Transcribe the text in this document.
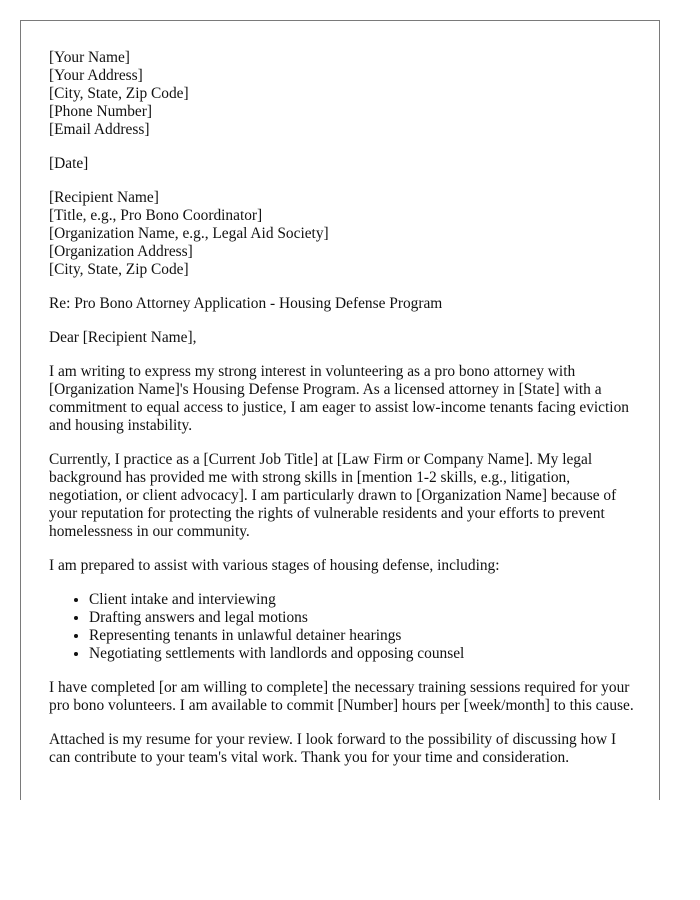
[Your Name]
[Your Address]
[City, State, Zip Code]
[Phone Number]
[Email Address]
[Date]
[Recipient Name]
[Title, e.g., Pro Bono Coordinator]
[Organization Name, e.g., Legal Aid Society]
[Organization Address]
[City, State, Zip Code]

Re: Pro Bono Attorney Application - Housing Defense Program

Dear [Recipient Name],

I am writing to express my strong interest in volunteering as a pro bono attorney with [Organization Name]'s Housing Defense Program. As a licensed attorney in [State] with a commitment to equal access to justice, I am eager to assist low-income tenants facing eviction and housing instability.

Currently, I practice as a [Current Job Title] at [Law Firm or Company Name]. My legal background has provided me with strong skills in [mention 1-2 skills, e.g., litigation, negotiation, or client advocacy]. I am particularly drawn to [Organization Name] because of your reputation for protecting the rights of vulnerable residents and your efforts to prevent homelessness in our community.

I am prepared to assist with various stages of housing defense, including:

• Client intake and interviewing
• Drafting answers and legal motions
• Representing tenants in unlawful detainer hearings
• Negotiating settlements with landlords and opposing counsel

I have completed [or am willing to complete] the necessary training sessions required for your pro bono volunteers. I am available to commit [Number] hours per [week/month] to this cause.

Attached is my resume for your review. I look forward to the possibility of discussing how I can contribute to your team's vital work. Thank you for your time and consideration.
